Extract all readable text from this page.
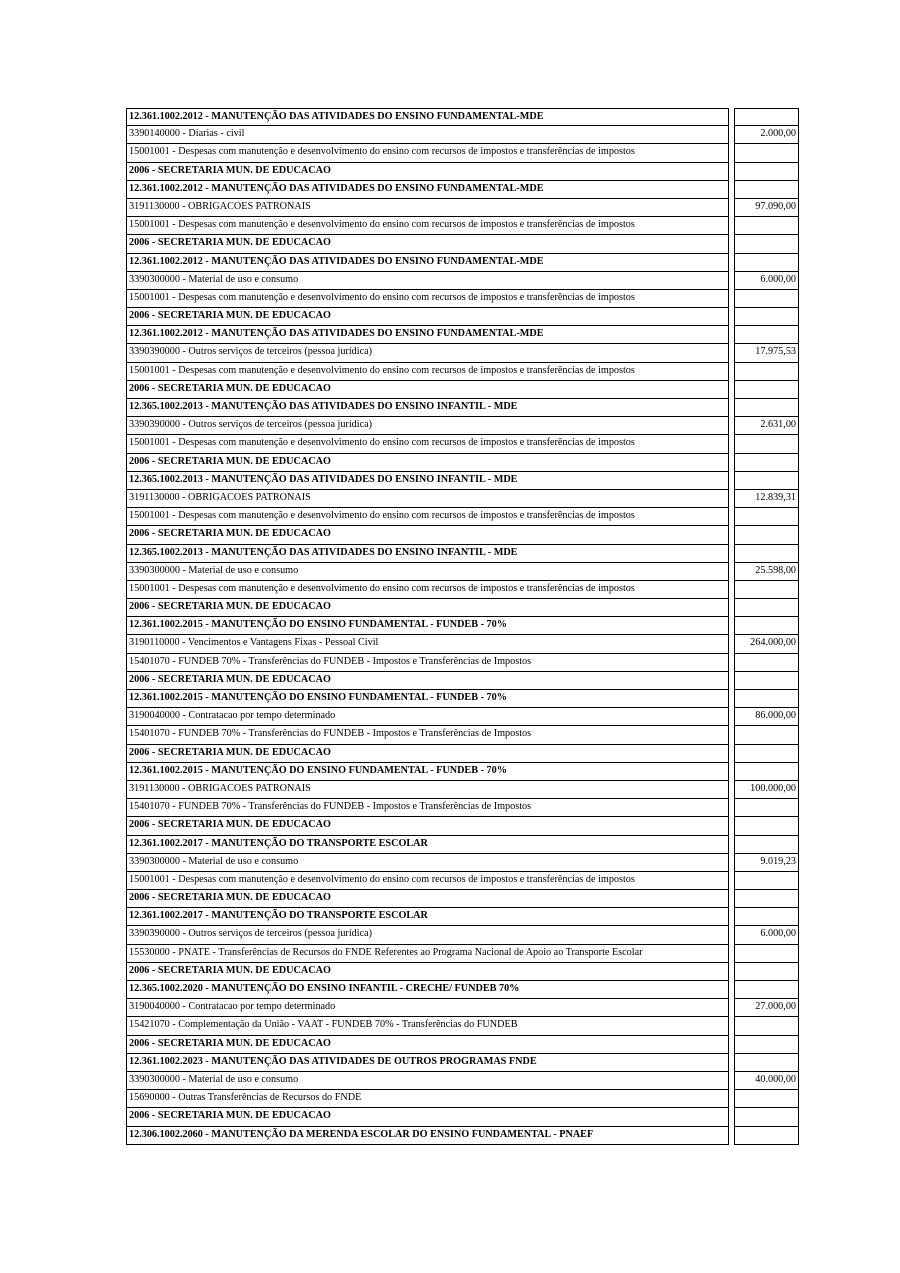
12.361.1002.2012 - MANUTENÇÃO DAS ATIVIDADES DO ENSINO FUNDAMENTAL-MDE
3390140000 - Diarias - civil	2.000,00
15001001 - Despesas com manutenção e desenvolvimento do ensino com recursos de impostos e transferências de impostos
2006 - SECRETARIA MUN. DE EDUCACAO
12.361.1002.2012 - MANUTENÇÃO DAS ATIVIDADES DO ENSINO FUNDAMENTAL-MDE
3191130000 - OBRIGACOES PATRONAIS	97.090,00
15001001 - Despesas com manutenção e desenvolvimento do ensino com recursos de impostos e transferências de impostos
2006 - SECRETARIA MUN. DE EDUCACAO
12.361.1002.2012 - MANUTENÇÃO DAS ATIVIDADES DO ENSINO FUNDAMENTAL-MDE
3390300000 - Material de uso e consumo	6.000,00
15001001 - Despesas com manutenção e desenvolvimento do ensino com recursos de impostos e transferências de impostos
2006 - SECRETARIA MUN. DE EDUCACAO
12.361.1002.2012 - MANUTENÇÃO DAS ATIVIDADES DO ENSINO FUNDAMENTAL-MDE
3390390000 - Outros serviços de terceiros (pessoa jurídica)	17.975,53
15001001 - Despesas com manutenção e desenvolvimento do ensino com recursos de impostos e transferências de impostos
2006 - SECRETARIA MUN. DE EDUCACAO
12.365.1002.2013 - MANUTENÇÃO DAS ATIVIDADES DO ENSINO INFANTIL - MDE
3390390000 - Outros serviços de terceiros (pessoa jurídica)	2.631,00
15001001 - Despesas com manutenção e desenvolvimento do ensino com recursos de impostos e transferências de impostos
2006 - SECRETARIA MUN. DE EDUCACAO
12.365.1002.2013 - MANUTENÇÃO DAS ATIVIDADES DO ENSINO INFANTIL - MDE
3191130000 - OBRIGACOES PATRONAIS	12.839,31
15001001 - Despesas com manutenção e desenvolvimento do ensino com recursos de impostos e transferências de impostos
2006 - SECRETARIA MUN. DE EDUCACAO
12.365.1002.2013 - MANUTENÇÃO DAS ATIVIDADES DO ENSINO INFANTIL - MDE
3390300000 - Material de uso e consumo	25.598,00
15001001 - Despesas com manutenção e desenvolvimento do ensino com recursos de impostos e transferências de impostos
2006 - SECRETARIA MUN. DE EDUCACAO
12.361.1002.2015 - MANUTENÇÃO DO ENSINO FUNDAMENTAL - FUNDEB - 70%
3190110000 - Vencimentos e Vantagens Fixas - Pessoal Civil	264.000,00
15401070 - FUNDEB 70% - Transferências do FUNDEB - Impostos e Transferências de Impostos
2006 - SECRETARIA MUN. DE EDUCACAO
12.361.1002.2015 - MANUTENÇÃO DO ENSINO FUNDAMENTAL - FUNDEB - 70%
3190040000 - Contratacao por tempo determinado	86.000,00
15401070 - FUNDEB 70% - Transferências do FUNDEB - Impostos e Transferências de Impostos
2006 - SECRETARIA MUN. DE EDUCACAO
12.361.1002.2015 - MANUTENÇÃO DO ENSINO FUNDAMENTAL - FUNDEB - 70%
3191130000 - OBRIGACOES PATRONAIS	100.000,00
15401070 - FUNDEB 70% - Transferências do FUNDEB - Impostos e Transferências de Impostos
2006 - SECRETARIA MUN. DE EDUCACAO
12.361.1002.2017 - MANUTENÇÃO DO TRANSPORTE ESCOLAR
3390300000 - Material de uso e consumo	9.019,23
15001001 - Despesas com manutenção e desenvolvimento do ensino com recursos de impostos e transferências de impostos
2006 - SECRETARIA MUN. DE EDUCACAO
12.361.1002.2017 - MANUTENÇÃO DO TRANSPORTE ESCOLAR
3390390000 - Outros serviços de terceiros (pessoa jurídica)	6.000,00
15530000 - PNATE - Transferências de Recursos do FNDE Referentes ao Programa Nacional de Apoio ao Transporte Escolar
2006 - SECRETARIA MUN. DE EDUCACAO
12.365.1002.2020 - MANUTENÇÃO DO ENSINO INFANTIL - CRECHE/ FUNDEB 70%
3190040000 - Contratacao por tempo determinado	27.000,00
15421070 - Complementação da União - VAAT - FUNDEB 70% - Transferências do FUNDEB
2006 - SECRETARIA MUN. DE EDUCACAO
12.361.1002.2023 - MANUTENÇÃO DAS ATIVIDADES DE OUTROS PROGRAMAS FNDE
3390300000 - Material de uso e consumo	40.000,00
15690000 - Outras Transferências de Recursos do FNDE
2006 - SECRETARIA MUN. DE EDUCACAO
12.306.1002.2060 - MANUTENÇÃO DA MERENDA ESCOLAR DO ENSINO FUNDAMENTAL - PNAEF
